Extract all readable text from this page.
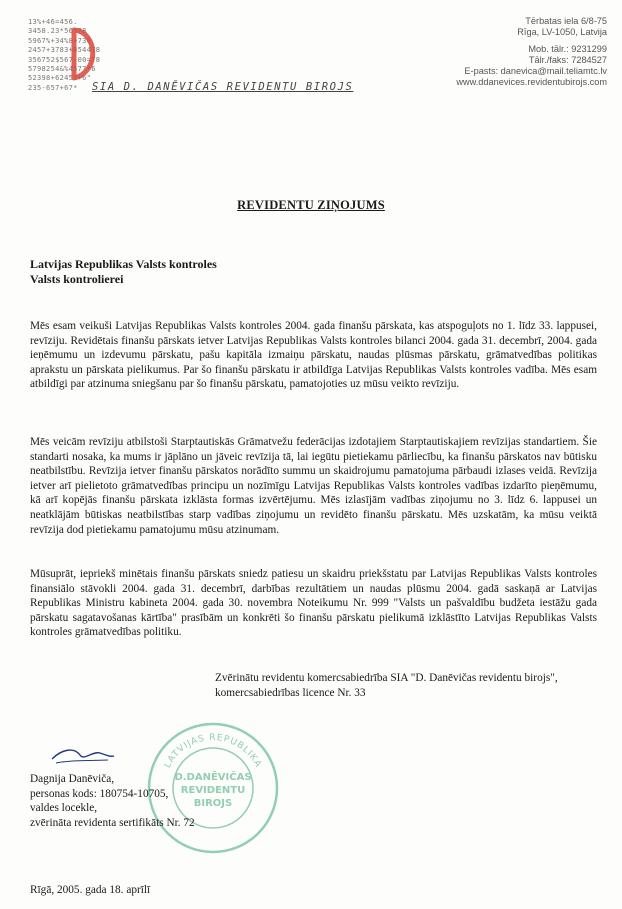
13%+46=456.
3458.23*56*78
5967%+34%8+736
2457+3783+854478
356752$567-00=78
5798254&%4577*6
52398+62457+6"
235-657+67*	SIA D. DANĒVIČAS REVIDENTU BIROJS
Tērbatas iela 6/8-75
Rīga, LV-1050, Latvija
Mob. tālr.: 9231299
Tālr./faks: 7284527
E-pasts: danevica@mail.teliamtc.lv
www.ddanevices.revidentubirojs.com
REVIDENTU ZIŅOJUMS
Latvijas Republikas Valsts kontroles
Valsts kontrolierei

Mēs esam veikuši Latvijas Republikas Valsts kontroles 2004. gada finanšu pārskata, kas atspoguļots no 1. līdz 33. lappusei, revīziju. Revidētais finanšu pārskats ietver Latvijas Republikas Valsts kontroles bilanci 2004. gada 31. decembrī, 2004. gada ieņēmumu un izdevumu pārskatu, pašu kapitāla izmaiņu pārskatu, naudas plūsmas pārskatu, grāmatvedības politikas aprakstu un pārskata pielikumus. Par šo finanšu pārskatu ir atbildīga Latvijas Republikas Valsts kontroles vadība. Mēs esam atbildīgi par atzinuma sniegšanu par šo finanšu pārskatu, pamatojoties uz mūsu veikto revīziju.

Mēs veicām revīziju atbilstoši Starptautiskās Grāmatvežu federācijas izdotajiem Starptautiskajiem revīzijas standartiem. Šie standarti nosaka, ka mums ir jāplāno un jāveic revīzija tā, lai iegūtu pietiekamu pārliecību, ka finanšu pārskatos nav būtisku neatbilstību. Revīzija ietver finanšu pārskatos norādīto summu un skaidrojumu pamatojuma pārbaudi izlases veidā. Revīzija ietver arī pielietoto grāmatvedības principu un nozīmīgu Latvijas Republikas Valsts kontroles vadības izdarīto pieņēmumu, kā arī kopējās finanšu pārskata izklāsta formas izvērtējumu. Mēs izlasījām vadības ziņojumu no 3. līdz 6. lappusei un neatklājām būtiskas neatbilstības starp vadības ziņojumu un revidēto finanšu pārskatu. Mēs uzskatām, ka mūsu veiktā revīzija dod pietiekamu pamatojumu mūsu atzinumam.

Mūsuprāt, iepriekš minētais finanšu pārskats sniedz patiesu un skaidru priekšstatu par Latvijas Republikas Valsts kontroles finansiālo stāvokli 2004. gada 31. decembrī, darbības rezultātiem un naudas plūsmu 2004. gadā saskaņā ar Latvijas Republikas Ministru kabineta 2004. gada 30. novembra Noteikumu Nr. 999 "Valsts un pašvaldību budžeta iestāžu gada pārskatu sagatavošanas kārtība" prasībām un konkrēti šo finanšu pārskatu pielikumā izklāstīto Latvijas Republikas Valsts kontroles grāmatvedības politiku.

Zvērinātu revidentu komercsabiedrība SIA "D. Danēvičas revidentu birojs",
komercsabiedrības licence Nr. 33
LATVIJAS REPUBLIKA
D.DANĒVIČAS
REVIDENTU
BIROJS
Dagnija Danēviča,
personas kods: 180754-10705,
valdes locekle,
zvērināta revidenta sertifikāts Nr. 72
Rīgā, 2005. gada 18. aprīlī
